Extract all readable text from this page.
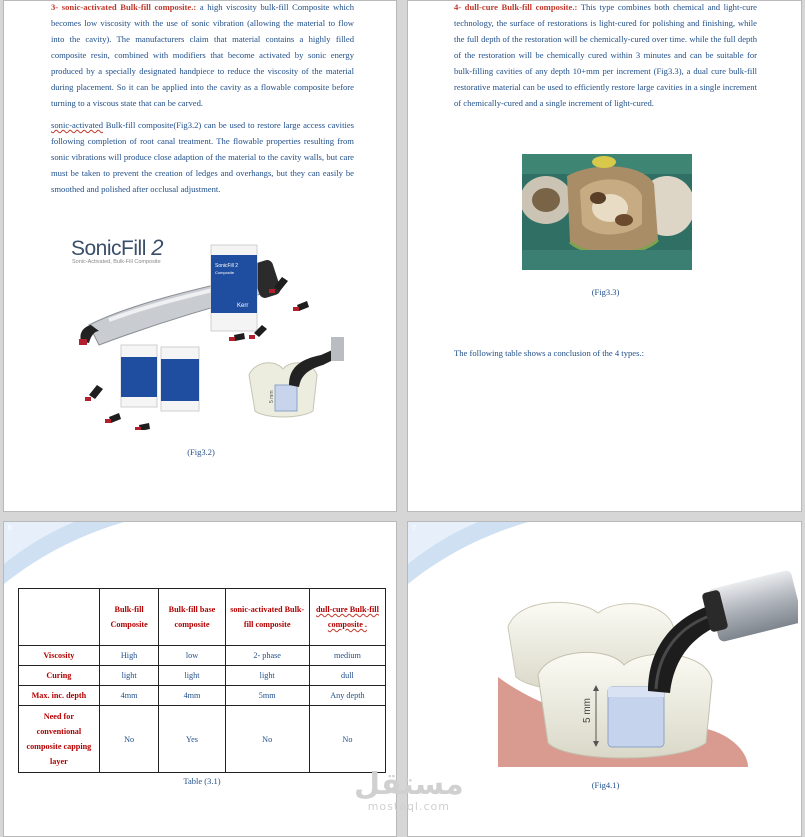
3- sonic-activated Bulk-fill composite.: a high viscosity bulk-fill Composite which becomes low viscosity with the use of sonic vibration (allowing the material to flow into the cavity). The manufacturers claim that material contains a highly filled composite resin, combined with modifiers that become activated by sonic energy produced by a specially designated handpiece to reduce the viscosity of the material during placement. So it can be applied into the cavity as a flowable composite before turning to a viscous state that can be carved.

sonic-activated Bulk-fill composite(Fig3.2) can be used to restore large access cavities following completion of root canal treatment. The flowable properties resulting from sonic vibrations will produce close adaption of the material to the cavity walls, but care must be taken to prevent the creation of ledges and overhangs, but they can easily be smoothed and polished after occlusal adjustment.

SonicFill 2
Sonic-Activated, Bulk-Fill Composite
SonicFill 2
Composite
Kerr
5 mm
(Fig3.2)

4- dull-cure Bulk-fill composite.: This type combines both chemical and light-cure technology, the surface of restorations is light-cured for polishing and finishing, while the full depth of the restoration will be chemically-cured over time. while the full depth of the restoration will be chemically cured within 3 minutes and can be suitable for bulk-filling cavities of any depth 10+mm per increment (Fig3.3), a dual cure bulk-fill restorative material can be used to efficiently restore large cavities in a single increment of chemically-cured and a single increment of light-cured.

(Fig3.3)
The following table shows a conclusion of the 4 types.:
6
	Bulk-fill Composite	Bulk-fill base composite	sonic-activated Bulk-fill composite	dull-cure Bulk-fill composite .
Viscosity	High	low	2- phase	medium
Curing	light	light	light	dull
Max. inc. depth	4mm	4mm	5mm	Any depth
Need for conventional composite capping layer	No	Yes	No	No
Table (3.1)
7
5 mm
(Fig4.1)
مستقل
mostaql.com
